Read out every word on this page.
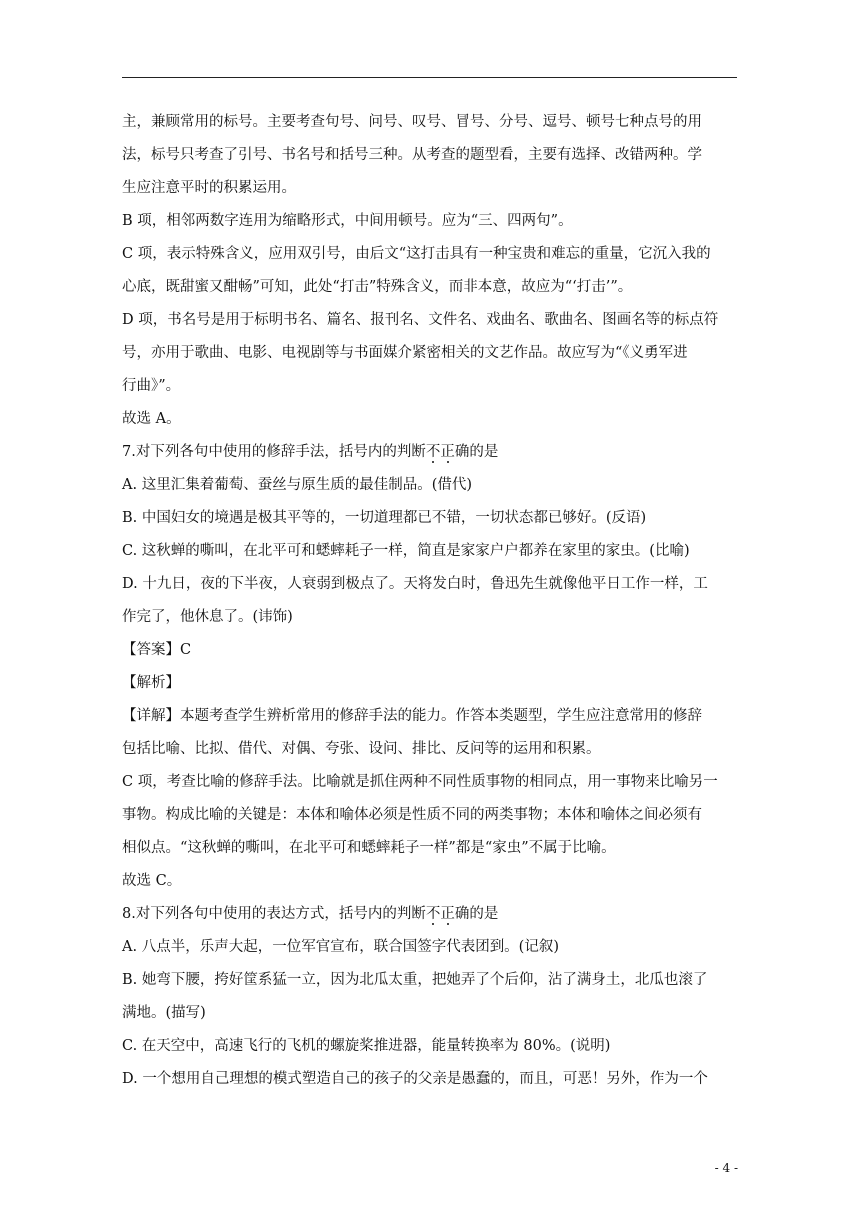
主，兼顾常用的标号。主要考查句号、问号、叹号、冒号、分号、逗号、顿号七种点号的用
法，标号只考查了引号、书名号和括号三种。从考查的题型看，主要有选择、改错两种。学
生应注意平时的积累运用。
B 项，相邻两数字连用为缩略形式，中间用顿号。应为“三、四两句”。
C 项，表示特殊含义，应用双引号，由后文“这打击具有一种宝贵和难忘的重量，它沉入我的
心底，既甜蜜又酣畅”可知，此处“打击”特殊含义，而非本意，故应为“‘打击’”。
D 项，书名号是用于标明书名、篇名、报刊名、文件名、戏曲名、歌曲名、图画名等的标点符
号，亦用于歌曲、电影、电视剧等与书面媒介紧密相关的文艺作品。故应写为“《义勇军进
行曲》”。
故选 A。
7.对下列各句中使用的修辞手法，括号内的判断不正确的是
A. 这里汇集着葡萄、蚕丝与原生质的最佳制品。(借代)
B. 中国妇女的境遇是极其平等的，一切道理都已不错，一切状态都已够好。(反语)
C. 这秋蝉的嘶叫，在北平可和蟋蟀耗子一样，简直是家家户户都养在家里的家虫。(比喻)
D. 十九日，夜的下半夜，人衰弱到极点了。天将发白时，鲁迅先生就像他平日工作一样，工
作完了，他休息了。(讳饰)
【答案】C
【解析】
【详解】本题考查学生辨析常用的修辞手法的能力。作答本类题型，学生应注意常用的修辞
包括比喻、比拟、借代、对偶、夸张、设问、排比、反问等的运用和积累。
C 项，考查比喻的修辞手法。比喻就是抓住两种不同性质事物的相同点，用一事物来比喻另一
事物。构成比喻的关键是：本体和喻体必须是性质不同的两类事物；本体和喻体之间必须有
相似点。“这秋蝉的嘶叫，在北平可和蟋蟀耗子一样”都是“家虫”不属于比喻。
故选 C。
8.对下列各句中使用的表达方式，括号内的判断不正确的是
A. 八点半，乐声大起，一位军官宣布，联合国签字代表团到。(记叙)
B. 她弯下腰，挎好筐系猛一立，因为北瓜太重，把她弄了个后仰，沾了满身土，北瓜也滚了
满地。(描写)
C. 在天空中，高速飞行的飞机的螺旋桨推进器，能量转换率为 80%。(说明)
D. 一个想用自己理想的模式塑造自己的孩子的父亲是愚蠢的，而且，可恶！另外，作为一个
- 4 -
